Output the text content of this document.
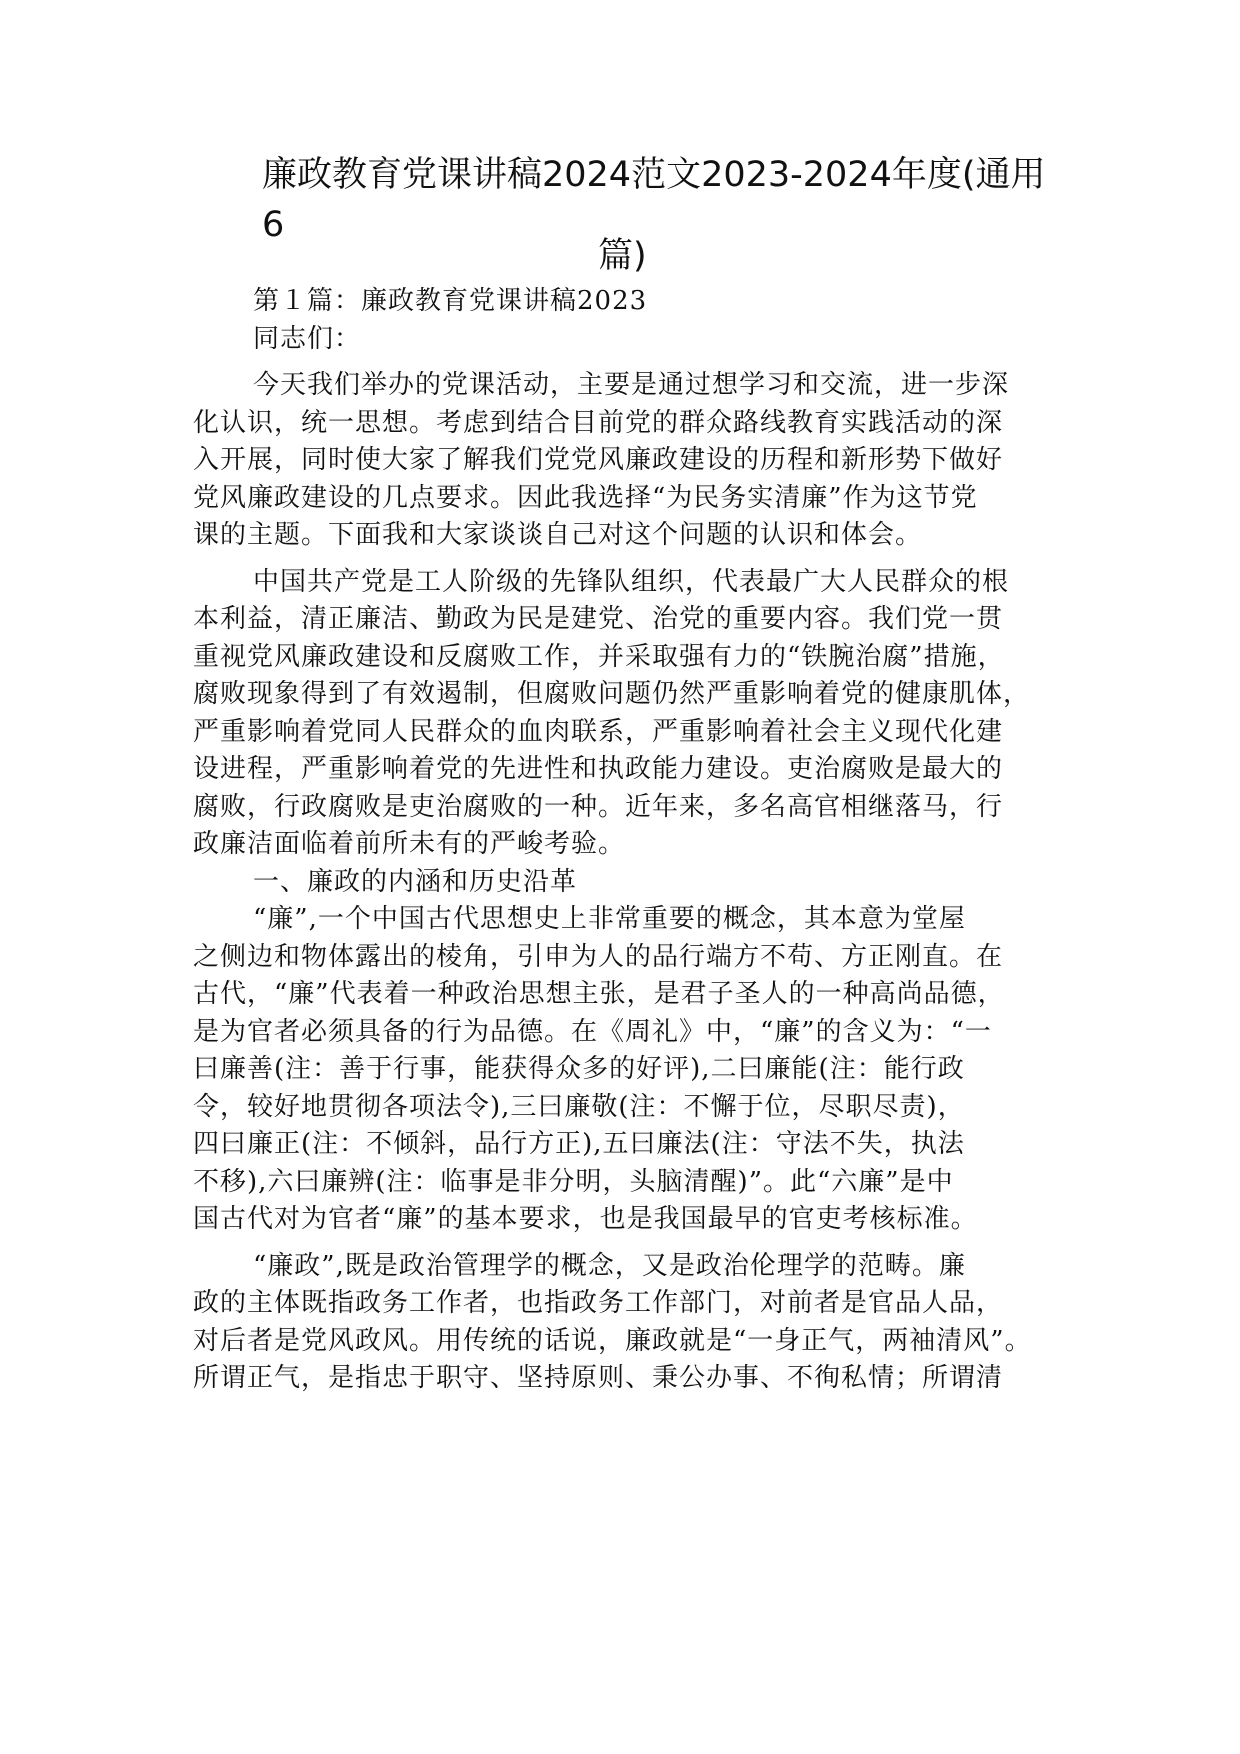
廉政教育党课讲稿2024范文2023-2024年度(通用6
篇)
第１篇：廉政教育党课讲稿2023
同志们：
今天我们举办的党课活动，主要是通过想学习和交流，进一步深
化认识，统一思想。考虑到结合目前党的群众路线教育实践活动的深
入开展，同时使大家了解我们党党风廉政建设的历程和新形势下做好
党风廉政建设的几点要求。因此我选择“为民务实清廉”作为这节党
课的主题。下面我和大家谈谈自己对这个问题的认识和体会。
中国共产党是工人阶级的先锋队组织，代表最广大人民群众的根
本利益，清正廉洁、勤政为民是建党、治党的重要内容。我们党一贯
重视党风廉政建设和反腐败工作，并采取强有力的“铁腕治腐”措施，
腐败现象得到了有效遏制，但腐败问题仍然严重影响着党的健康肌体，
严重影响着党同人民群众的血肉联系，严重影响着社会主义现代化建
设进程，严重影响着党的先进性和执政能力建设。吏治腐败是最大的
腐败，行政腐败是吏治腐败的一种。近年来，多名高官相继落马，行
政廉洁面临着前所未有的严峻考验。
一、廉政的内涵和历史沿革
“廉”,一个中国古代思想史上非常重要的概念，其本意为堂屋
之侧边和物体露出的棱角，引申为人的品行端方不苟、方正刚直。在
古代，“廉”代表着一种政治思想主张，是君子圣人的一种高尚品德，
是为官者必须具备的行为品德。在《周礼》中，“廉”的含义为：“一
曰廉善(注：善于行事，能获得众多的好评),二曰廉能(注：能行政
令，较好地贯彻各项法令),三曰廉敬(注：不懈于位，尽职尽责)，
四曰廉正(注：不倾斜，品行方正),五曰廉法(注：守法不失，执法
不移),六曰廉辨(注：临事是非分明，头脑清醒)”。此“六廉”是中
国古代对为官者“廉”的基本要求，也是我国最早的官吏考核标准。
“廉政”,既是政治管理学的概念，又是政治伦理学的范畴。廉
政的主体既指政务工作者，也指政务工作部门，对前者是官品人品，
对后者是党风政风。用传统的话说，廉政就是“一身正气，两袖清风”。
所谓正气，是指忠于职守、坚持原则、秉公办事、不徇私情；所谓清
